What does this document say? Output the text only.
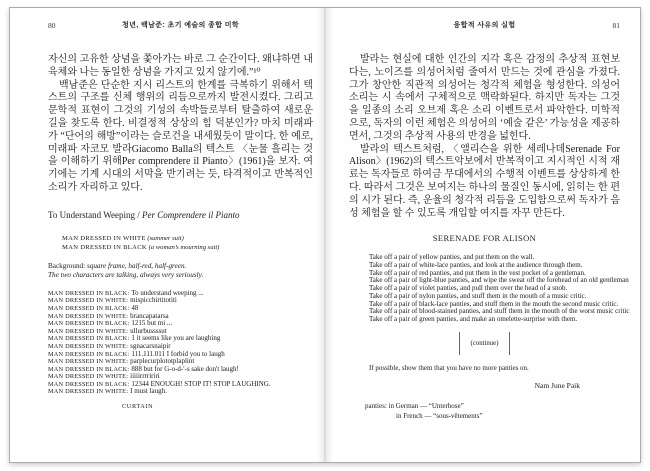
80	청년, 백남준: 초기 예술의 종합 미학

자신의 고유한 상념을 쫓아가는 바로 그 순간이다. 왜냐하면 내 육체와 나는 동일한 상념을 가지고 있지 않기에.”¹⁰

백남준은 단순한 지시 리스트의 한계를 극복하기 위해서 텍스트의 구조를 신체 행위의 리듬으로까지 발전시켰다. 그리고 문학적 표현이 그것의 기성의 속박들로부터 탈출하여 새로운 길을 찾도록 한다. 비결정적 상상의 힘 덕분인가? 마치 미래파가 “단어의 해방”이라는 슬로건을 내세웠듯이 말이다. 한 예로, 미래파 자코모 발라Giacomo Balla의 텍스트 〈눈물 흘리는 것을 이해하기 위해Per comprendere il Pianto〉(1961)을 보자. 여기에는 기계 시대의 서막을 반기려는 듯, 타격적이고 반복적인 소리가 자리하고 있다.

To Understand Weeping / Per Comprendere il Pianto
MAN DRESSED IN WHITE (summer suit)
MAN DRESSED IN BLACK (a woman’s mourning suit)
Background: square frame, half-red, half-green.
The two characters are talking, always very seriously.
MAN DRESSED IN BLACK: To understand weeping ...
MAN DRESSED IN WHITE: mispicchirtitotiti
MAN DRESSED IN BLACK: 48
MAN DRESSED IN WHITE: brancapatarsa
MAN DRESSED IN BLACK: 1215 but mi ...
MAN DRESSED IN WHITE: ullurbussssut
MAN DRESSED IN BLACK: 1 it seems like you are laughing
MAN DRESSED IN WHITE: sgnacarsnaipir
MAN DRESSED IN BLACK: 111.111.011 I forbid you to laugh
MAN DRESSED IN WHITE: parplecurplototplaplint
MAN DRESSED IN BLACK: 888 but for G-o-d-'-s sake don't laugh!
MAN DRESSED IN WHITE: iiiiirrrririri
MAN DRESSED IN BLACK: 12344 ENOUGH! STOP IT! STOP LAUGHING.
MAN DRESSED IN WHITE: I must laugh.
CURTAIN
융합적 사유의 실험	81

발라는 현실에 대한 인간의 지각 혹은 감정의 추상적 표현보다는, 노이즈를 의성어처럼 줄여서 만드는 것에 관심을 가졌다. 그가 창안한 직관적 의성어는 청각적 체험을 형성한다. 의성어 소리는 시 속에서 구체적으로 맥락화된다. 하지만 독자는 그것을 일종의 소리 오브제 혹은 소리 이벤트로서 파악한다. 미학적으로, 독자의 이런 체험은 의성어의 ‘예술 같은’ 가능성을 제공하면서, 그것의 추상적 사용의 반경을 넓힌다.

발라의 텍스트처럼, 〈앨리슨을 위한 세레나데Serenade For Alison〉(1962)의 텍스트악보에서 반복적이고 지시적인 시적 재료는 독자들로 하여금 무대에서의 수행적 이벤트를 상상하게 한다. 따라서 그것은 보여지는 하나의 물질인 동시에, 읽히는 한 편의 시가 된다. 즉, 운율의 청각적 리듬을 도입함으로써 독자가 음성 체험을 할 수 있도록 개입할 여지를 자꾸 만든다.

SERENADE FOR ALISON
Take off a pair of yellow panties, and put them on the wall.
Take off a pair of white-lace panties, and look at the audience through them.
Take off a pair of red panties, and put them in the vest pocket of a gentleman.
Take off a pair of light-blue panties, and wipe the sweat off the forehead of an old gentleman
Take off a pair of violet panties, and pull them over the head of a snob.
Take off a pair of nylon panties, and stuff them in the mouth of a music critic.
Take off a pair of black-lace panties, and stuff them in the mouth the second music critic.
Take off a pair of blood-stained panties, and stuff them in the mouth of the worst music critic
Take off a pair of green panties, and make an omelette-surprise with them.
(continue)
If possible, show them that you have no more panties on.
Nam June Paik
panties: in German — “Unterhose”
in French — “sous-vêtements”
